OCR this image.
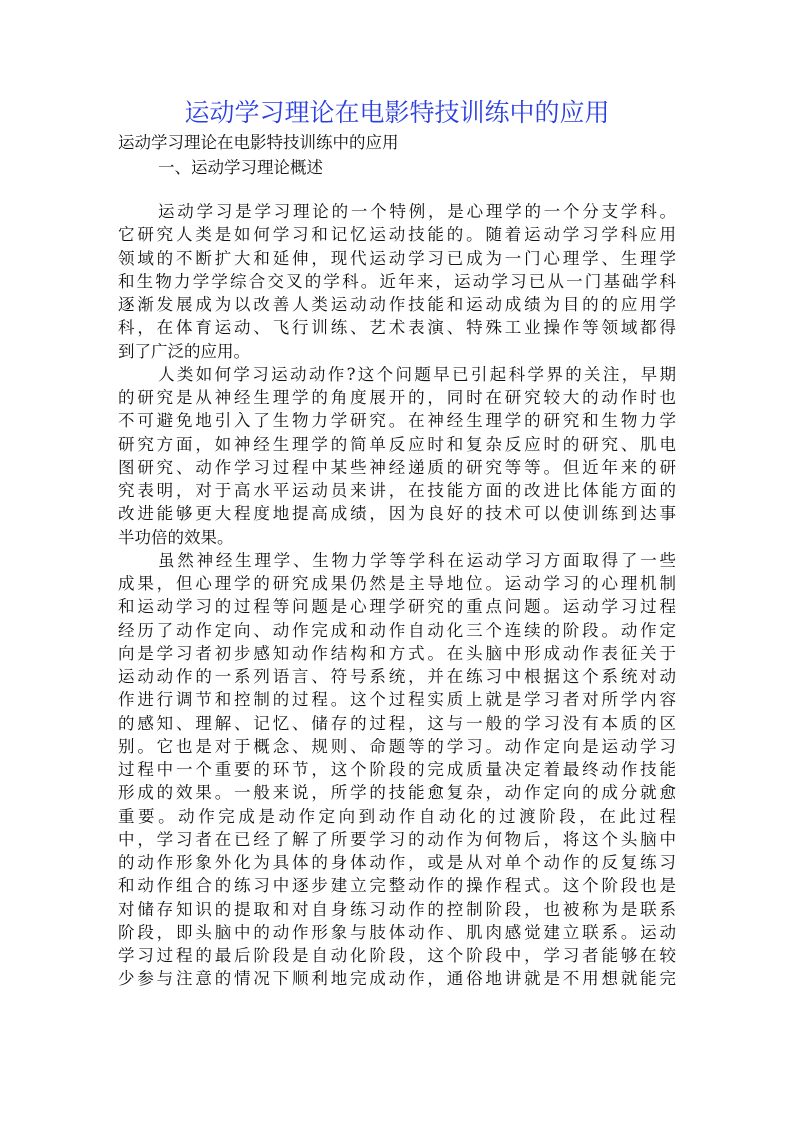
运动学习理论在电影特技训练中的应用
运动学习理论在电影特技训练中的应用
一、运动学习理论概述
运动学习是学习理论的一个特例，是心理学的一个分支学科。
它研究人类是如何学习和记忆运动技能的。随着运动学习学科应用
领域的不断扩大和延伸，现代运动学习已成为一门心理学、生理学
和生物力学学综合交叉的学科。近年来，运动学习已从一门基础学科
逐渐发展成为以改善人类运动动作技能和运动成绩为目的的应用学
科，在体育运动、飞行训练、艺术表演、特殊工业操作等领域都得
到了广泛的应用。
人类如何学习运动动作?这个问题早已引起科学界的关注，早期
的研究是从神经生理学的角度展开的，同时在研究较大的动作时也
不可避免地引入了生物力学研究。在神经生理学的研究和生物力学
研究方面，如神经生理学的简单反应时和复杂反应时的研究、肌电
图研究、动作学习过程中某些神经递质的研究等等。但近年来的研
究表明，对于高水平运动员来讲，在技能方面的改进比体能方面的
改进能够更大程度地提高成绩，因为良好的技术可以使训练到达事
半功倍的效果。
虽然神经生理学、生物力学等学科在运动学习方面取得了一些
成果，但心理学的研究成果仍然是主导地位。运动学习的心理机制
和运动学习的过程等问题是心理学研究的重点问题。运动学习过程
经历了动作定向、动作完成和动作自动化三个连续的阶段。动作定
向是学习者初步感知动作结构和方式。在头脑中形成动作表征关于
运动动作的一系列语言、符号系统，并在练习中根据这个系统对动
作进行调节和控制的过程。这个过程实质上就是学习者对所学内容
的感知、理解、记忆、储存的过程，这与一般的学习没有本质的区
别。它也是对于概念、规则、命题等的学习。动作定向是运动学习
过程中一个重要的环节，这个阶段的完成质量决定着最终动作技能
形成的效果。一般来说，所学的技能愈复杂，动作定向的成分就愈
重要。动作完成是动作定向到动作自动化的过渡阶段，在此过程
中，学习者在已经了解了所要学习的动作为何物后，将这个头脑中
的动作形象外化为具体的身体动作，或是从对单个动作的反复练习
和动作组合的练习中逐步建立完整动作的操作程式。这个阶段也是
对储存知识的提取和对自身练习动作的控制阶段，也被称为是联系
阶段，即头脑中的动作形象与肢体动作、肌肉感觉建立联系。运动
学习过程的最后阶段是自动化阶段，这个阶段中，学习者能够在较
少参与注意的情况下顺利地完成动作，通俗地讲就是不用想就能完
